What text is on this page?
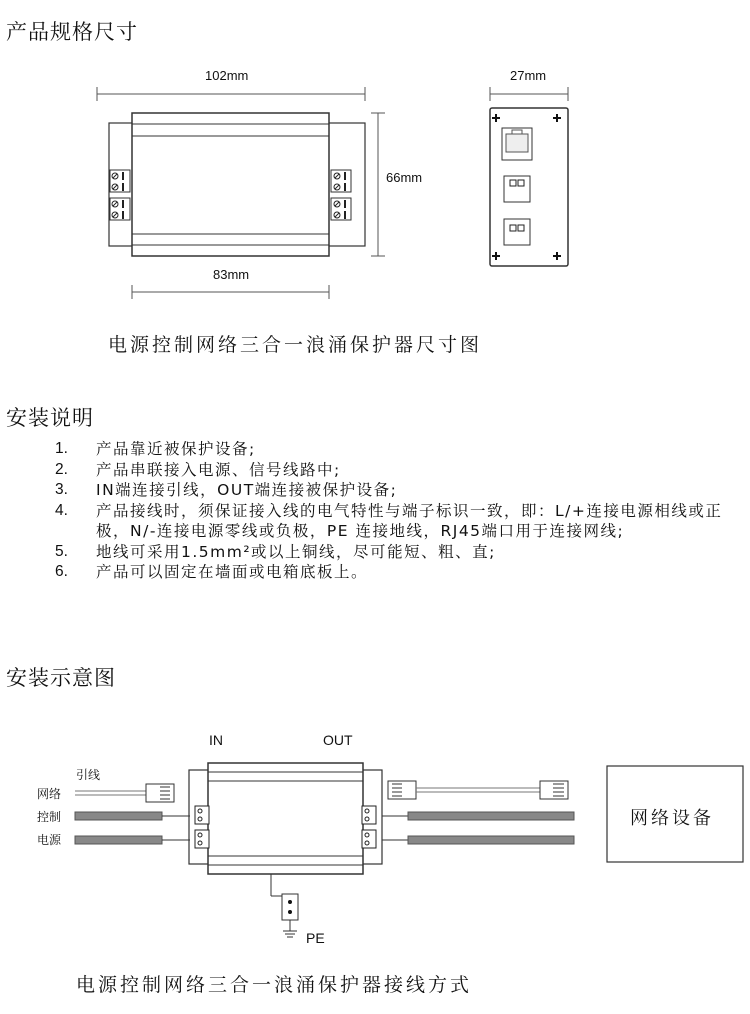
产品规格尺寸
安装说明
安装示意图
102mm
66mm
83mm
27mm
电源控制网络三合一浪涌保护器尺寸图
1. 产品靠近被保护设备;
2. 产品串联接入电源、信号线路中;
3. IN端连接引线，OUT端连接被保护设备;
4. 产品接线时，须保证接入线的电气特性与端子标识一致，即：L/+连接电源相线或正极，N/-连接电源零线或负极，PE 连接地线，RJ45端口用于连接网线;
5. 地线可采用1.5mm²或以上铜线，尽可能短、粗、直;
6. 产品可以固定在墙面或电箱底板上。
IN	OUT
引线
网络
控制
电源
PE
网络设备
电源控制网络三合一浪涌保护器接线方式
